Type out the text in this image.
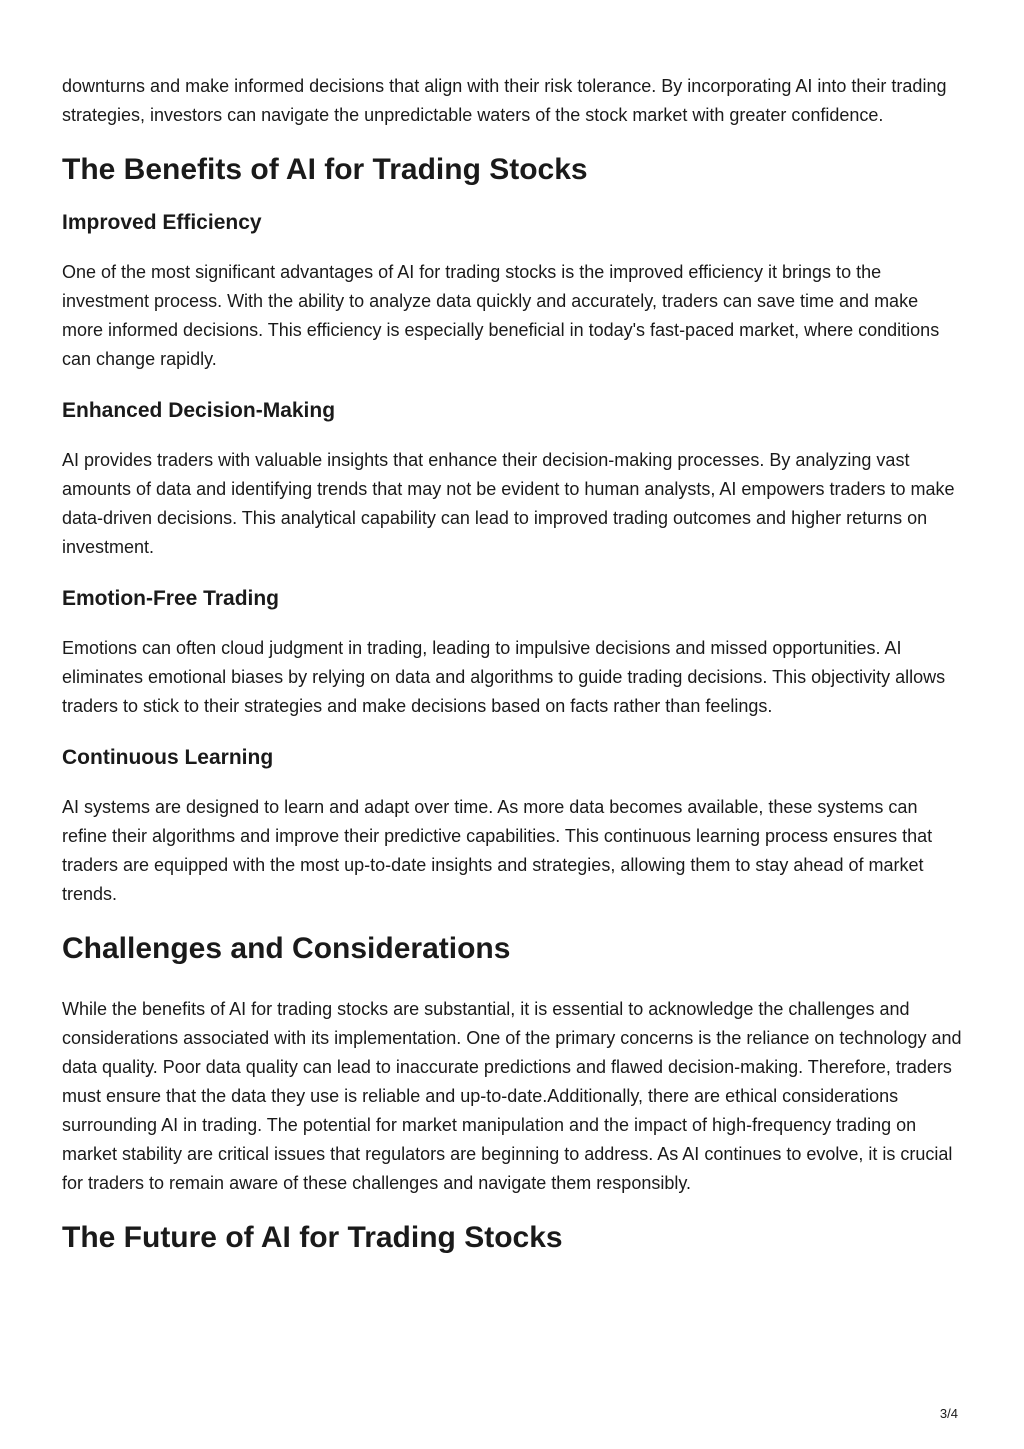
downturns and make informed decisions that align with their risk tolerance. By incorporating AI into their trading strategies, investors can navigate the unpredictable waters of the stock market with greater confidence.

The Benefits of AI for Trading Stocks
Improved Efficiency

One of the most significant advantages of AI for trading stocks is the improved efficiency it brings to the investment process. With the ability to analyze data quickly and accurately, traders can save time and make more informed decisions. This efficiency is especially beneficial in today's fast-paced market, where conditions can change rapidly.

Enhanced Decision-Making

AI provides traders with valuable insights that enhance their decision-making processes. By analyzing vast amounts of data and identifying trends that may not be evident to human analysts, AI empowers traders to make data-driven decisions. This analytical capability can lead to improved trading outcomes and higher returns on investment.

Emotion-Free Trading

Emotions can often cloud judgment in trading, leading to impulsive decisions and missed opportunities. AI eliminates emotional biases by relying on data and algorithms to guide trading decisions. This objectivity allows traders to stick to their strategies and make decisions based on facts rather than feelings.

Continuous Learning

AI systems are designed to learn and adapt over time. As more data becomes available, these systems can refine their algorithms and improve their predictive capabilities. This continuous learning process ensures that traders are equipped with the most up-to-date insights and strategies, allowing them to stay ahead of market trends.

Challenges and Considerations

While the benefits of AI for trading stocks are substantial, it is essential to acknowledge the challenges and considerations associated with its implementation. One of the primary concerns is the reliance on technology and data quality. Poor data quality can lead to inaccurate predictions and flawed decision-making. Therefore, traders must ensure that the data they use is reliable and up-to-date.Additionally, there are ethical considerations surrounding AI in trading. The potential for market manipulation and the impact of high-frequency trading on market stability are critical issues that regulators are beginning to address. As AI continues to evolve, it is crucial for traders to remain aware of these challenges and navigate them responsibly.

The Future of AI for Trading Stocks
3/4
